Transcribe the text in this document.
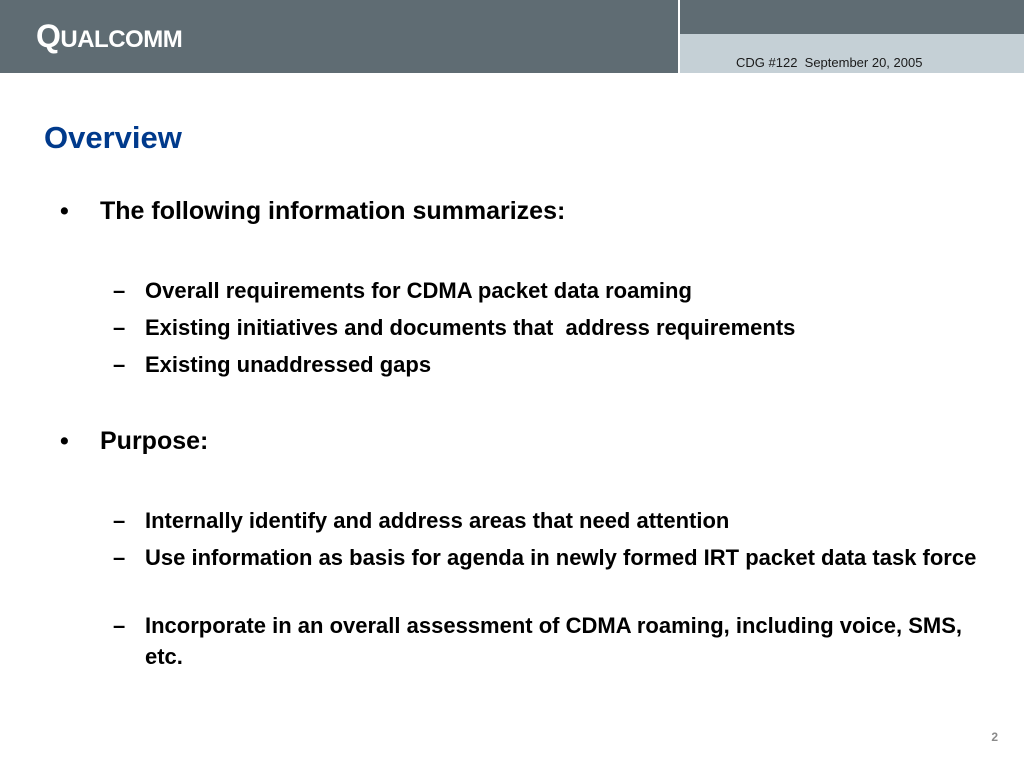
QUALCOMM
CDG #122  September 20, 2005
Overview
•	The following information summarizes:
– Overall requirements for CDMA packet data roaming
– Existing initiatives and documents that  address requirements
– Existing unaddressed gaps
•	Purpose:
– Internally identify and address areas that need attention
– Use information as basis for agenda in newly formed IRT packet data task force
– Incorporate in an overall assessment of CDMA roaming, including voice, SMS, etc.
2
